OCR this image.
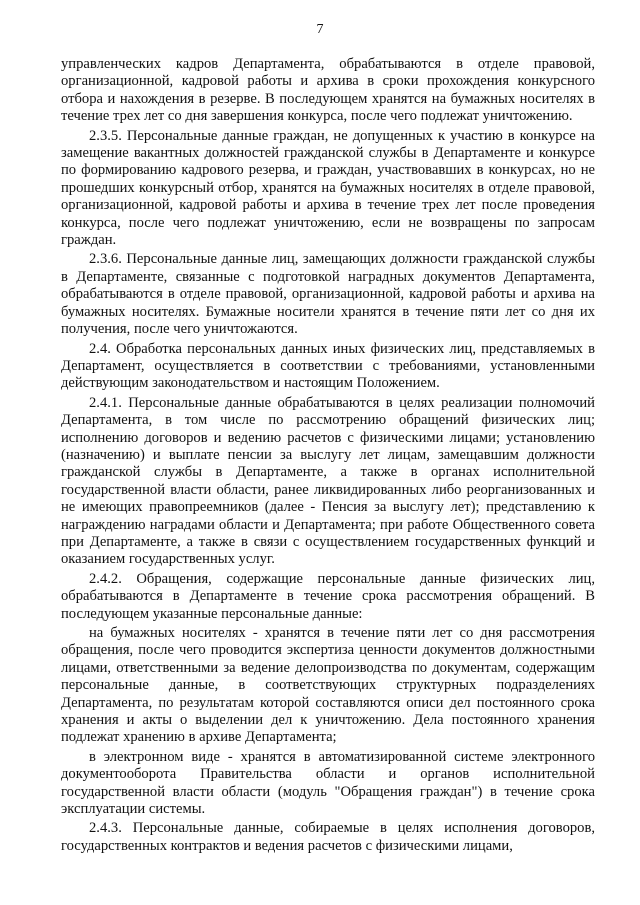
7

управленческих кадров Департамента, обрабатываются в отделе правовой, организационной, кадровой работы и архива в сроки прохождения конкурсного отбора и нахождения в резерве. В последующем хранятся на бумажных носителях в течение трех лет со дня завершения конкурса, после чего подлежат уничтожению.

2.3.5. Персональные данные граждан, не допущенных к участию в конкурсе на замещение вакантных должностей гражданской службы в Департаменте и конкурсе по формированию кадрового резерва, и граждан, участвовавших в конкурсах, но не прошедших конкурсный отбор, хранятся на бумажных носителях в отделе правовой, организационной, кадровой работы и архива в течение трех лет после проведения конкурса, после чего подлежат уничтожению, если не возвращены по запросам граждан.

2.3.6. Персональные данные лиц, замещающих должности гражданской службы в Департаменте, связанные с подготовкой наградных документов Департамента, обрабатываются в отделе правовой, организационной, кадровой работы и архива на бумажных носителях. Бумажные носители хранятся в течение пяти лет со дня их получения, после чего уничтожаются.

2.4. Обработка персональных данных иных физических лиц, представляемых в Департамент, осуществляется в соответствии с требованиями, установленными действующим законодательством и настоящим Положением.

2.4.1. Персональные данные обрабатываются в целях реализации полномочий Департамента, в том числе по рассмотрению обращений физических лиц; исполнению договоров и ведению расчетов с физическими лицами; установлению (назначению) и выплате пенсии за выслугу лет лицам, замещавшим должности гражданской службы в Департаменте, а также в органах исполнительной государственной власти области, ранее ликвидированных либо реорганизованных и не имеющих правопреемников (далее - Пенсия за выслугу лет); представлению к награждению наградами области и Департамента; при работе Общественного совета при Департаменте, а также в связи с осуществлением государственных функций и оказанием государственных услуг.

2.4.2. Обращения, содержащие персональные данные физических лиц, обрабатываются в Департаменте в течение срока рассмотрения обращений. В последующем указанные персональные данные:

на бумажных носителях - хранятся в течение пяти лет со дня рассмотрения обращения, после чего проводится экспертиза ценности документов должностными лицами, ответственными за ведение делопроизводства по документам, содержащим персональные данные, в соответствующих структурных подразделениях Департамента, по результатам которой составляются описи дел постоянного срока хранения и акты о выделении дел к уничтожению. Дела постоянного хранения подлежат хранению в архиве Департамента;

в электронном виде - хранятся в автоматизированной системе электронного документооборота Правительства области и органов исполнительной государственной власти области (модуль "Обращения граждан") в течение срока эксплуатации системы.

2.4.3. Персональные данные, собираемые в целях исполнения договоров, государственных контрактов и ведения расчетов с физическими лицами,
